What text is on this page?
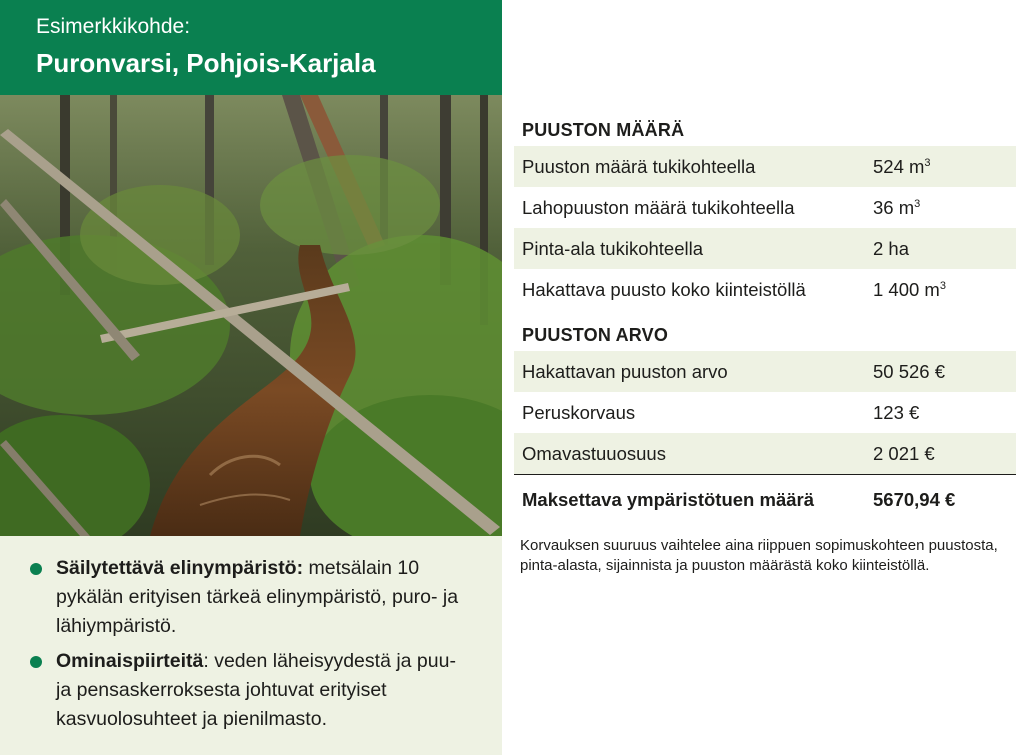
Esimerkkikohde:
Puronvarsi, Pohjois-Karjala
Säilytettävä elinympäristö: metsälain 10 pykälän erityisen tärkeä elinympäristö, puro- ja lähiympäristö.
Ominaispiirteitä: veden läheisyydestä ja puu- ja pensaskerroksesta johtuvat erityiset kasvuolosuhteet ja pienilmasto.
PUUSTON MÄÄRÄ
Puuston määrä tukikohteella	524 $m^3$
Lahopuuston määrä tukikohteella	36 $m^3$
Pinta-ala tukikohteella	2 ha
Hakattava puusto koko kiinteistöllä	1 400 $m^3$
PUUSTON ARVO
Hakattavan puuston arvo	50 526 €
Peruskorvaus	123 €
Omavastuuosuus	2 021 €
Maksettava ympäristötuen määrä	5670,94 €
Korvauksen suuruus vaihtelee aina riippuen sopimuskohteen puustosta, pinta-alasta, sijainnista ja puuston määrästä koko kiinteistöllä.
